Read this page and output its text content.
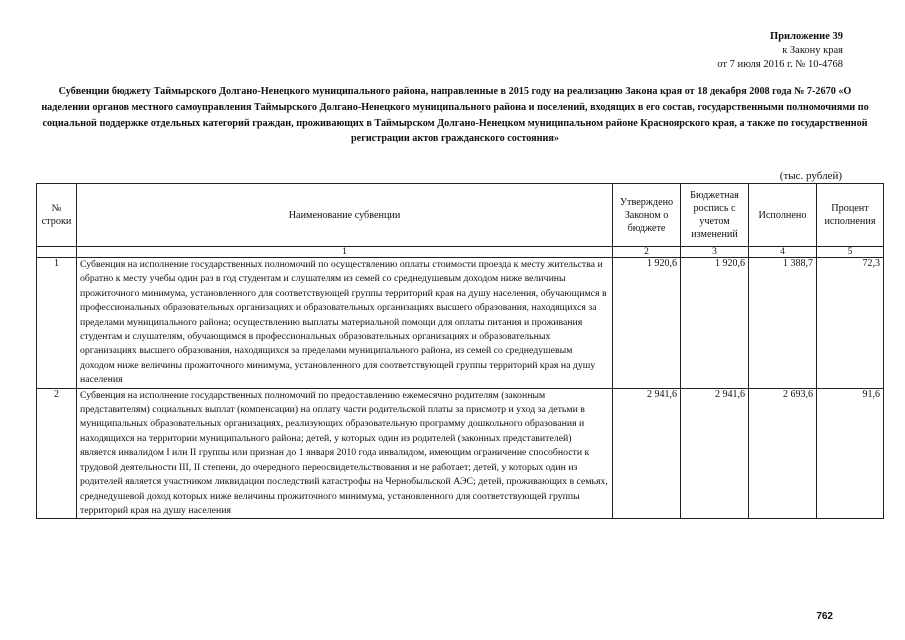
Приложение 39
к Закону края
от 7 июля 2016 г. № 10-4768
Субвенции бюджету Таймырского Долгано-Ненецкого муниципального района, направленные в 2015 году на реализацию Закона края от 18 декабря 2008 года № 7-2670 «О наделении органов местного самоуправления Таймырского Долгано-Ненецкого муниципального района и поселений, входящих в его состав, государственными полномочиями по социальной поддержке отдельных категорий граждан, проживающих в Таймырском Долгано-Ненецком муниципальном районе Красноярского края, а также по государственной регистрации актов гражданского состояния»
(тыс. рублей)
№ строки	Наименование субвенции	Утверждено Законом о бюджете	Бюджетная роспись с учетом изменений	Исполнено	Процент исполнения
	1	2	3	4	5
1	Субвенция на исполнение государственных полномочий по осуществлению оплаты стоимости проезда к месту жительства и обратно к месту учебы один раз в год студентам и слушателям из семей со среднедушевым доходом ниже величины прожиточного минимума, установленного для соответствующей группы территорий края на душу населения, обучающимся в профессиональных образовательных организациях и образовательных организациях высшего образования, находящихся за пределами муниципального района; осуществлению выплаты материальной помощи для оплаты питания и проживания студентам и слушателям, обучающимся в профессиональных образовательных организациях и образовательных организациях высшего образования, находящихся за пределами муниципального района, из семей со среднедушевым доходом ниже величины прожиточного минимума, установленного для соответствующей группы территорий края на душу населения	1 920,6	1 920,6	1 388,7	72,3
2	Субвенция на исполнение государственных полномочий по предоставлению ежемесячно родителям (законным представителям) социальных выплат (компенсации) на оплату части родительской платы за присмотр и уход за детьми в муниципальных образовательных организациях, реализующих образовательную программу дошкольного образования и находящихся на территории муниципального района; детей, у которых один из родителей (законных представителей) является инвалидом I или II группы или признан до 1 января 2010 года инвалидом, имеющим ограничение способности к трудовой деятельности III, II степени, до очередного переосвидетельствования и не работает; детей, у которых один из родителей является участником ликвидации последствий катастрофы на Чернобыльской АЭС; детей, проживающих в семьях, среднедушевой доход которых ниже величины прожиточного минимума, установленного для соответствующей группы территорий края на душу населения	2 941,6	2 941,6	2 693,6	91,6
762
